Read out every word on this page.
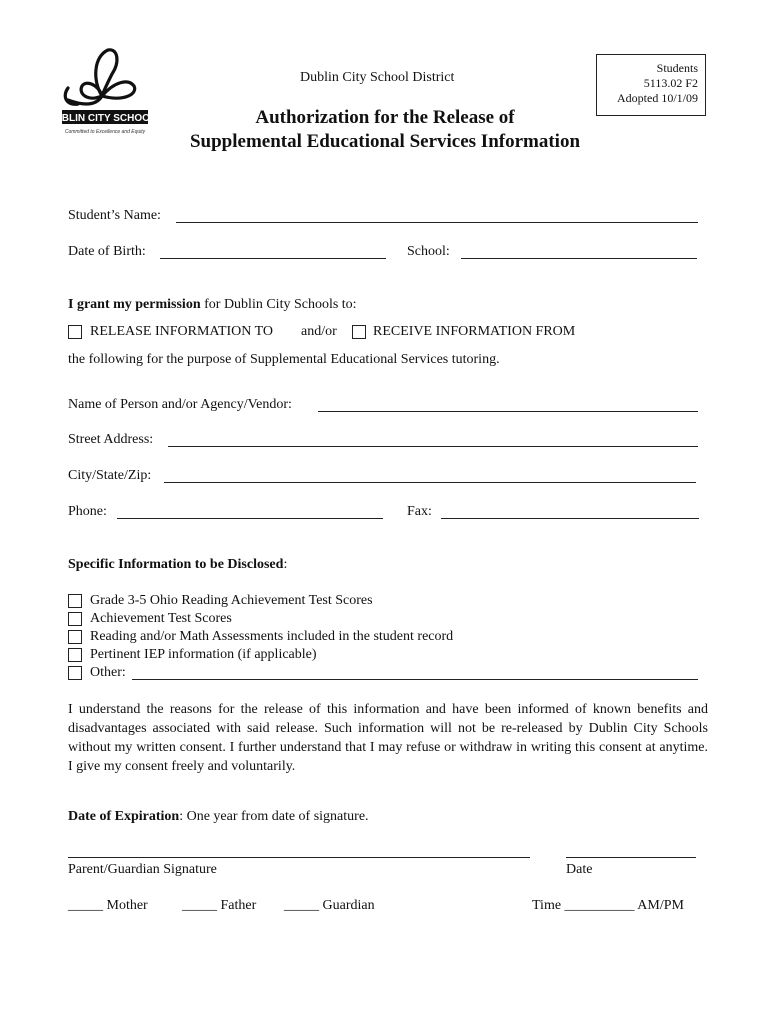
DUBLIN CITY SCHOOLS
Committed to Excellence and Equity
Dublin City School District
Students
5113.02 F2
Adopted 10/1/09
Authorization for the Release of
Supplemental Educational Services Information
Student’s Name:
Date of Birth:	School:
I grant my permission for Dublin City Schools to:
RELEASE INFORMATION TO and/or	RECEIVE INFORMATION FROM
the following for the purpose of Supplemental Educational Services tutoring.
Name of Person and/or Agency/Vendor:
Street Address:
City/State/Zip:
Phone:	Fax:
Specific Information to be Disclosed:
Grade 3-5 Ohio Reading Achievement Test Scores
Achievement Test Scores
Reading and/or Math Assessments included in the student record
Pertinent IEP information (if applicable)
Other:
I understand the reasons for the release of this information and have been informed of known benefits and disadvantages associated with said release. Such information will not be re-released by Dublin City Schools without my written consent. I further understand that I may refuse or withdraw in writing this consent at anytime. I give my consent freely and voluntarily.
Date of Expiration: One year from date of signature.
Parent/Guardian Signature	Date
_____ Mother _____ Father _____ Guardian	Time __________ AM/PM
